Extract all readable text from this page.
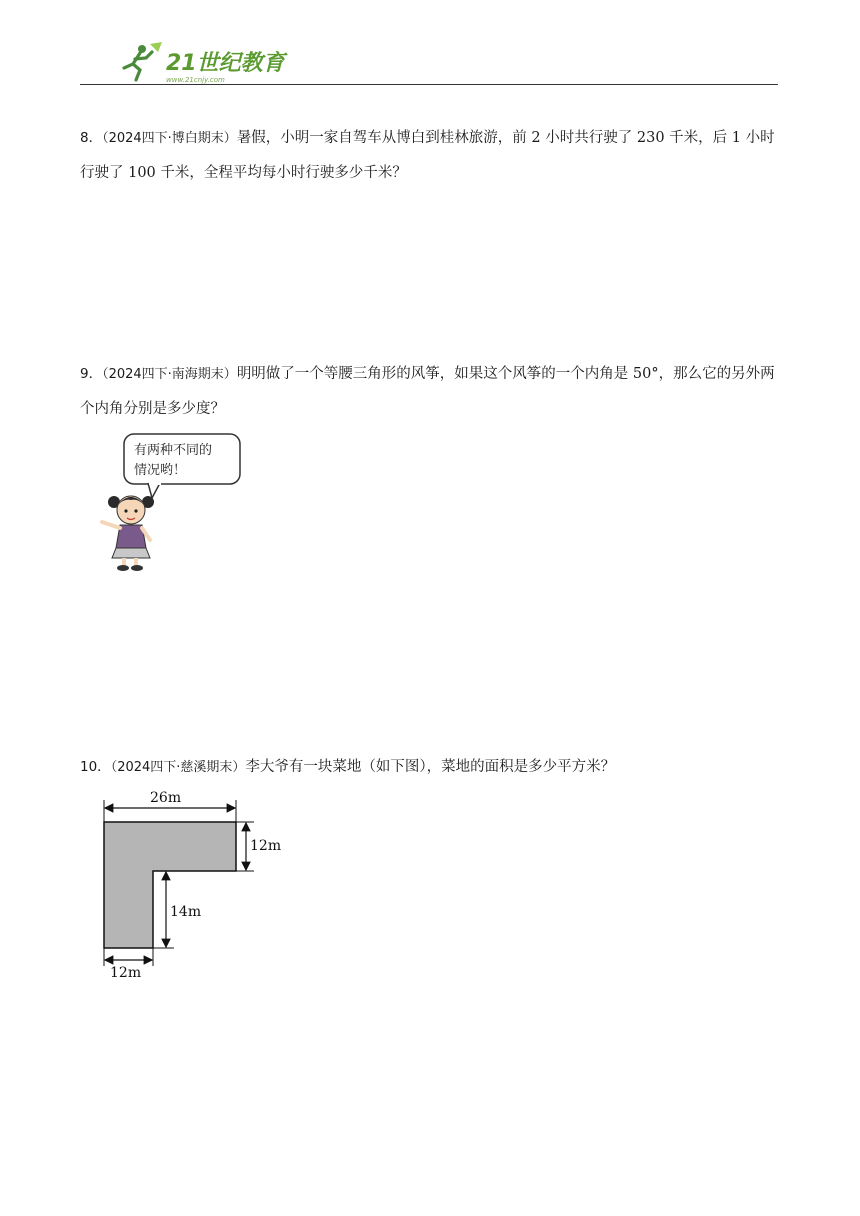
21世纪教育
www.21cnjy.com
8．（2024四下·博白期末）暑假，小明一家自驾车从博白到桂林旅游，前 2 小时共行驶了 230 千米，后 1 小时行驶了 100 千米，全程平均每小时行驶多少千米？
9．（2024四下·南海期末）明明做了一个等腰三角形的风筝，如果这个风筝的一个内角是 50°，那么它的另外两个内角分别是多少度？
有两种不同的
情况哟！
10．（2024四下·慈溪期末）李大爷有一块菜地（如下图），菜地的面积是多少平方米？
26m
12m
14m
12m
